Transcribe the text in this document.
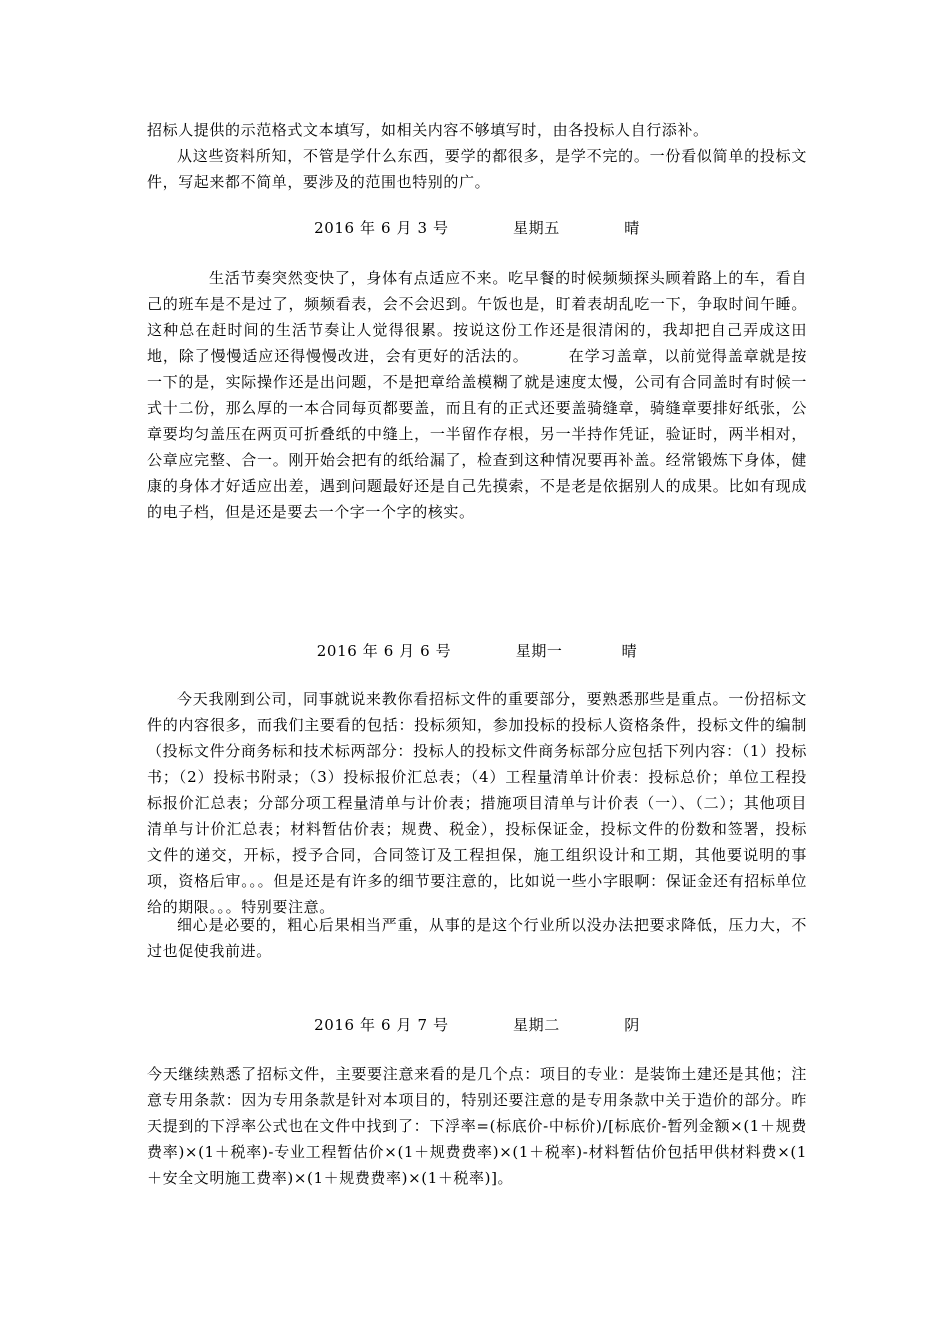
招标人提供的示范格式文本填写，如相关内容不够填写时，由各投标人自行添补。

从这些资料所知，不管是学什么东西，要学的都很多，是学不完的。一份看似简单的投标文件，写起来都不简单，要涉及的范围也特别的广。

2016 年 6 月 3 号	星期五	晴

生活节奏突然变快了，身体有点适应不来。吃早餐的时候频频探头顾着路上的车，看自己的班车是不是过了，频频看表，会不会迟到。午饭也是，盯着表胡乱吃一下，争取时间午睡。这种总在赶时间的生活节奏让人觉得很累。按说这份工作还是很清闲的，我却把自己弄成这田地，除了慢慢适应还得慢慢改进，会有更好的活法的。　　　在学习盖章，以前觉得盖章就是按一下的是，实际操作还是出问题，不是把章给盖模糊了就是速度太慢，公司有合同盖时有时候一式十二份，那么厚的一本合同每页都要盖，而且有的正式还要盖骑缝章，骑缝章要排好纸张，公章要均匀盖压在两页可折叠纸的中缝上，一半留作存根，另一半持作凭证，验证时，两半相对，公章应完整、合一。刚开始会把有的纸给漏了，检查到这种情况要再补盖。经常锻炼下身体，健康的身体才好适应出差，遇到问题最好还是自己先摸索，不是老是依据别人的成果。比如有现成的电子档，但是还是要去一个字一个字的核实。

2016 年 6 月 6 号	星期一	晴

今天我刚到公司，同事就说来教你看招标文件的重要部分，要熟悉那些是重点。一份招标文件的内容很多，而我们主要看的包括：投标须知，参加投标的投标人资格条件，投标文件的编制（投标文件分商务标和技术标两部分：投标人的投标文件商务标部分应包括下列内容：（1）投标书；（2）投标书附录；（3）投标报价汇总表；（4）工程量清单计价表：投标总价；单位工程投标报价汇总表；分部分项工程量清单与计价表；措施项目清单与计价表（一）、（二）；其他项目清单与计价汇总表；材料暂估价表；规费、税金），投标保证金，投标文件的份数和签署，投标文件的递交，开标，授予合同，合同签订及工程担保，施工组织设计和工期，其他要说明的事项，资格后审。。。但是还是有许多的细节要注意的，比如说一些小字眼啊：保证金还有招标单位给的期限。。。特别要注意。

细心是必要的，粗心后果相当严重，从事的是这个行业所以没办法把要求降低，压力大，不过也促使我前进。

2016 年 6 月 7 号	星期二	阴

今天继续熟悉了招标文件，主要要注意来看的是几个点：项目的专业：是装饰土建还是其他；注意专用条款：因为专用条款是针对本项目的，特别还要注意的是专用条款中关于造价的部分。昨天提到的下浮率公式也在文件中找到了：下浮率=(标底价-中标价)/[标底价-暂列金额×(1＋规费费率)×(1＋税率)-专业工程暂估价×(1＋规费费率)×(1＋税率)-材料暂估价包括甲供材料费×(1＋安全文明施工费率)×(1＋规费费率)×(1＋税率)]。
